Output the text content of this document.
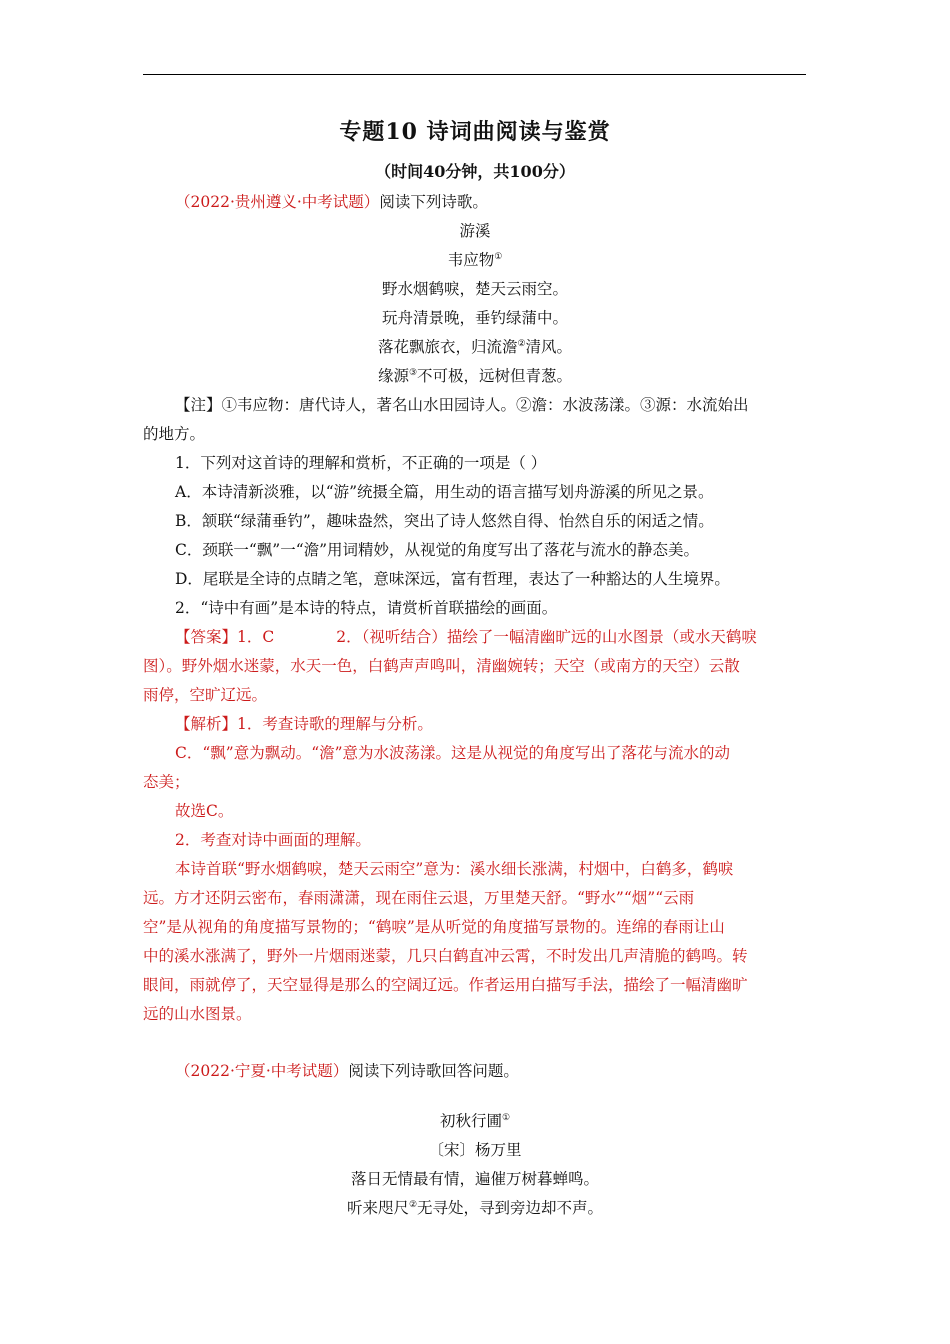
专题10 诗词曲阅读与鉴赏
（时间40分钟，共100分）
（2022·贵州遵义·中考试题）阅读下列诗歌。
游溪
韦应物①
野水烟鹤唳，楚天云雨空。
玩舟清景晚，垂钓绿蒲中。
落花飘旅衣，归流澹②清风。
缘源③不可极，远树但青葱。
【注】①韦应物：唐代诗人，著名山水田园诗人。②澹：水波荡漾。③源：水流始出
的地方。
1．下列对这首诗的理解和赏析，不正确的一项是（ ）
A．本诗清新淡雅，以“游”统摄全篇，用生动的语言描写划舟游溪的所见之景。
B．颔联“绿蒲垂钓”，趣味盎然，突出了诗人悠然自得、怡然自乐的闲适之情。
C．颈联一“飘”一“澹”用词精妙，从视觉的角度写出了落花与流水的静态美。
D．尾联是全诗的点睛之笔，意味深远，富有哲理，表达了一种豁达的人生境界。
2．“诗中有画”是本诗的特点，请赏析首联描绘的画面。
【答案】1．C	2．（视听结合）描绘了一幅清幽旷远的山水图景（或水天鹤唳
图）。野外烟水迷蒙，水天一色，白鹤声声鸣叫，清幽婉转；天空（或南方的天空）云散
雨停，空旷辽远。
【解析】1．考查诗歌的理解与分析。
C．“飘”意为飘动。“澹”意为水波荡漾。这是从视觉的角度写出了落花与流水的动
态美；
故选C。
2．考查对诗中画面的理解。
本诗首联“野水烟鹤唳，楚天云雨空”意为：溪水细长涨满，村烟中，白鹤多，鹤唳
远。方才还阴云密布，春雨潇潇，现在雨住云退，万里楚天舒。“野水”“烟”“云雨
空”是从视角的角度描写景物的；“鹤唳”是从听觉的角度描写景物的。连绵的春雨让山
中的溪水涨满了，野外一片烟雨迷蒙，几只白鹤直冲云霄，不时发出几声清脆的鹤鸣。转
眼间，雨就停了，天空显得是那么的空阔辽远。作者运用白描写手法，描绘了一幅清幽旷
远的山水图景。
（2022·宁夏·中考试题）阅读下列诗歌回答问题。
初秋行圃①
〔宋〕杨万里
落日无情最有情，遍催万树暮蝉鸣。
听来咫尺②无寻处，寻到旁边却不声。
